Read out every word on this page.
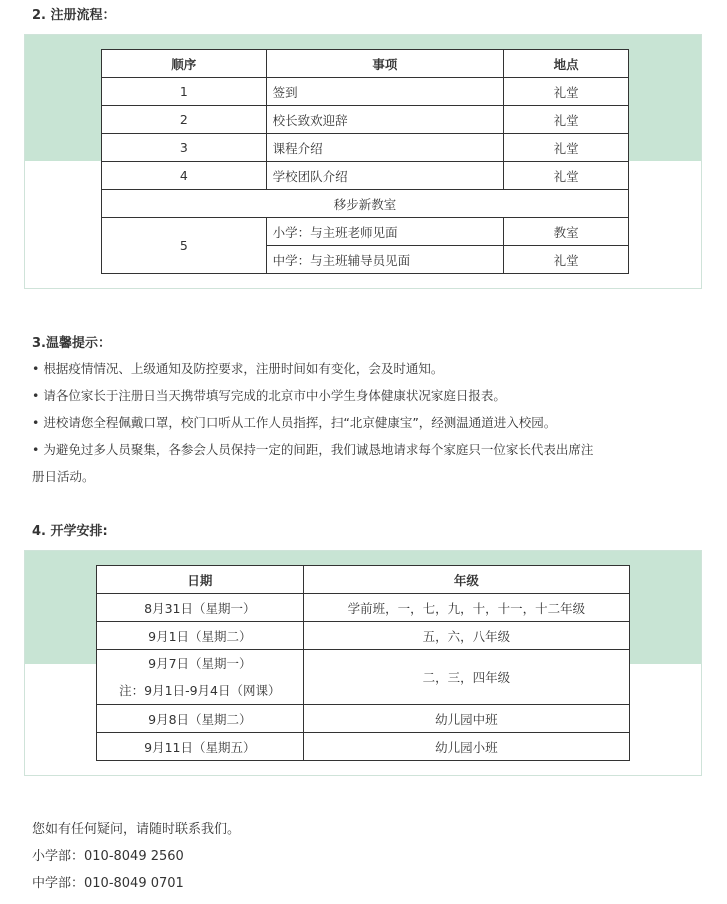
2. 注册流程：
顺序	事项	地点
1	签到	礼堂
2	校长致欢迎辞	礼堂
3	课程介绍	礼堂
4	学校团队介绍	礼堂
移步新教室		
5	小学：与主班老师见面	教室
	中学：与主班辅导员见面	礼堂
3.温馨提示：

• 根据疫情情况、上级通知及防控要求，注册时间如有变化，会及时通知。

• 请各位家长于注册日当天携带填写完成的北京市中小学生身体健康状况家庭日报表。

• 进校请您全程佩戴口罩，校门口听从工作人员指挥，扫“北京健康宝”，经测温通道进入校园。

• 为避免过多人员聚集，各参会人员保持一定的间距，我们诚恳地请求每个家庭只一位家长代表出席注

册日活动。

4. 开学安排:
日期	年级
8月31日（星期一）	学前班，一，七，九，十，十一，十二年级
9月1日（星期二）	五，六，八年级

9月7日（星期一）
注：9月1日-9月4日（网课）	二，三，四年级
9月8日（星期二）	幼儿园中班
9月11日（星期五）	幼儿园小班

您如有任何疑问，请随时联系我们。

小学部：010-8049 2560

中学部：010-8049 0701
